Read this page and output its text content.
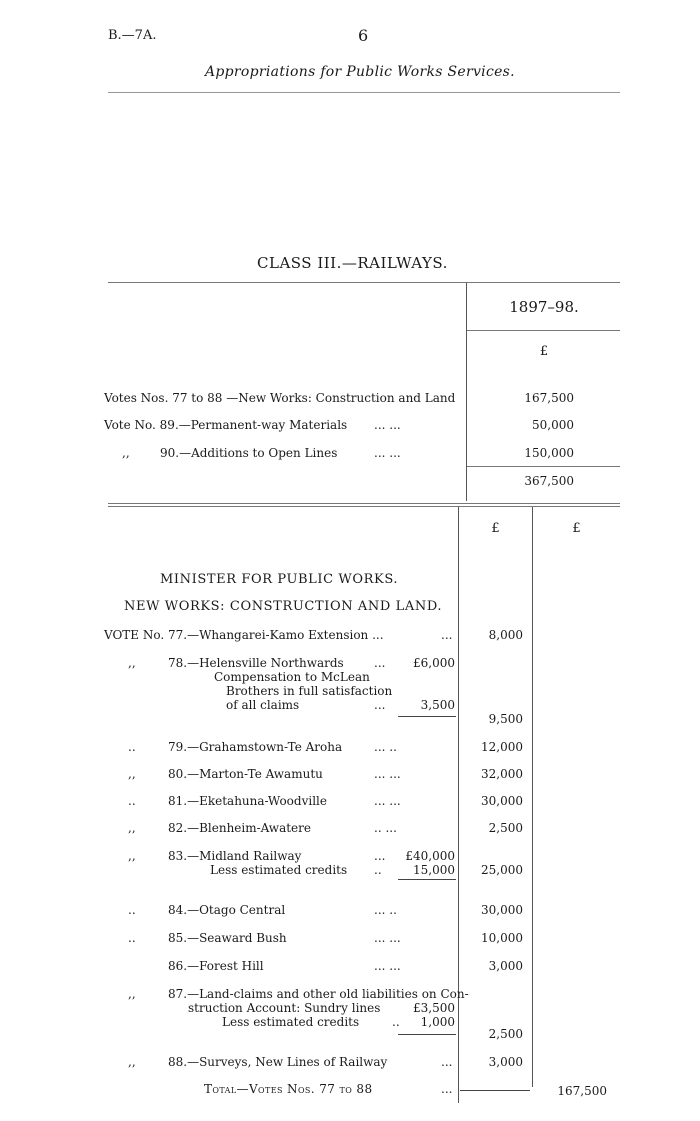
B.—7A.	6
Appropriations for Public Works Services.
CLASS III.—RAILWAYS.
1897–98.
£
Votes Nos. 77 to 88 —New Works: Construction and Land	167,500
Vote No. 89.—Permanent-way Materials ... ...	50,000
,,	90.—Additions to Open Lines	... ...	150,000
367,500
£	£
MINISTER FOR PUBLIC WORKS.
NEW WORKS: CONSTRUCTION AND LAND.
VOTE No. 77.—Whangarei-Kamo Extension ...	...	8,000
,,	78.—Helensville Northwards	...	£6,000
Compensation to McLean
Brothers in full satisfaction
of all claims	...	3,500
9,500
..	79.—Grahamstown-Te Aroha	... ..	12,000
,,	80.—Marton-Te Awamutu	... ...	32,000
..	81.—Eketahuna-Woodville	... ...	30,000
,,	82.—Blenheim-Awatere	.. ...	2,500
,,	83.—Midland Railway	...	£40,000
Less estimated credits ..	15,000	25,000
..	84.—Otago Central	... ..	30,000
..	85.—Seaward Bush	... ...	10,000
86.—Forest Hill	... ...	3,000
,,	87.—Land-claims and other old liabilities on Con-
struction Account: Sundry lines	£3,500
Less estimated credits	..	1,000
2,500
,,	88.—Surveys, New Lines of Railway	...	3,000
Total—Votes Nos. 77 to 88	...	167,500
